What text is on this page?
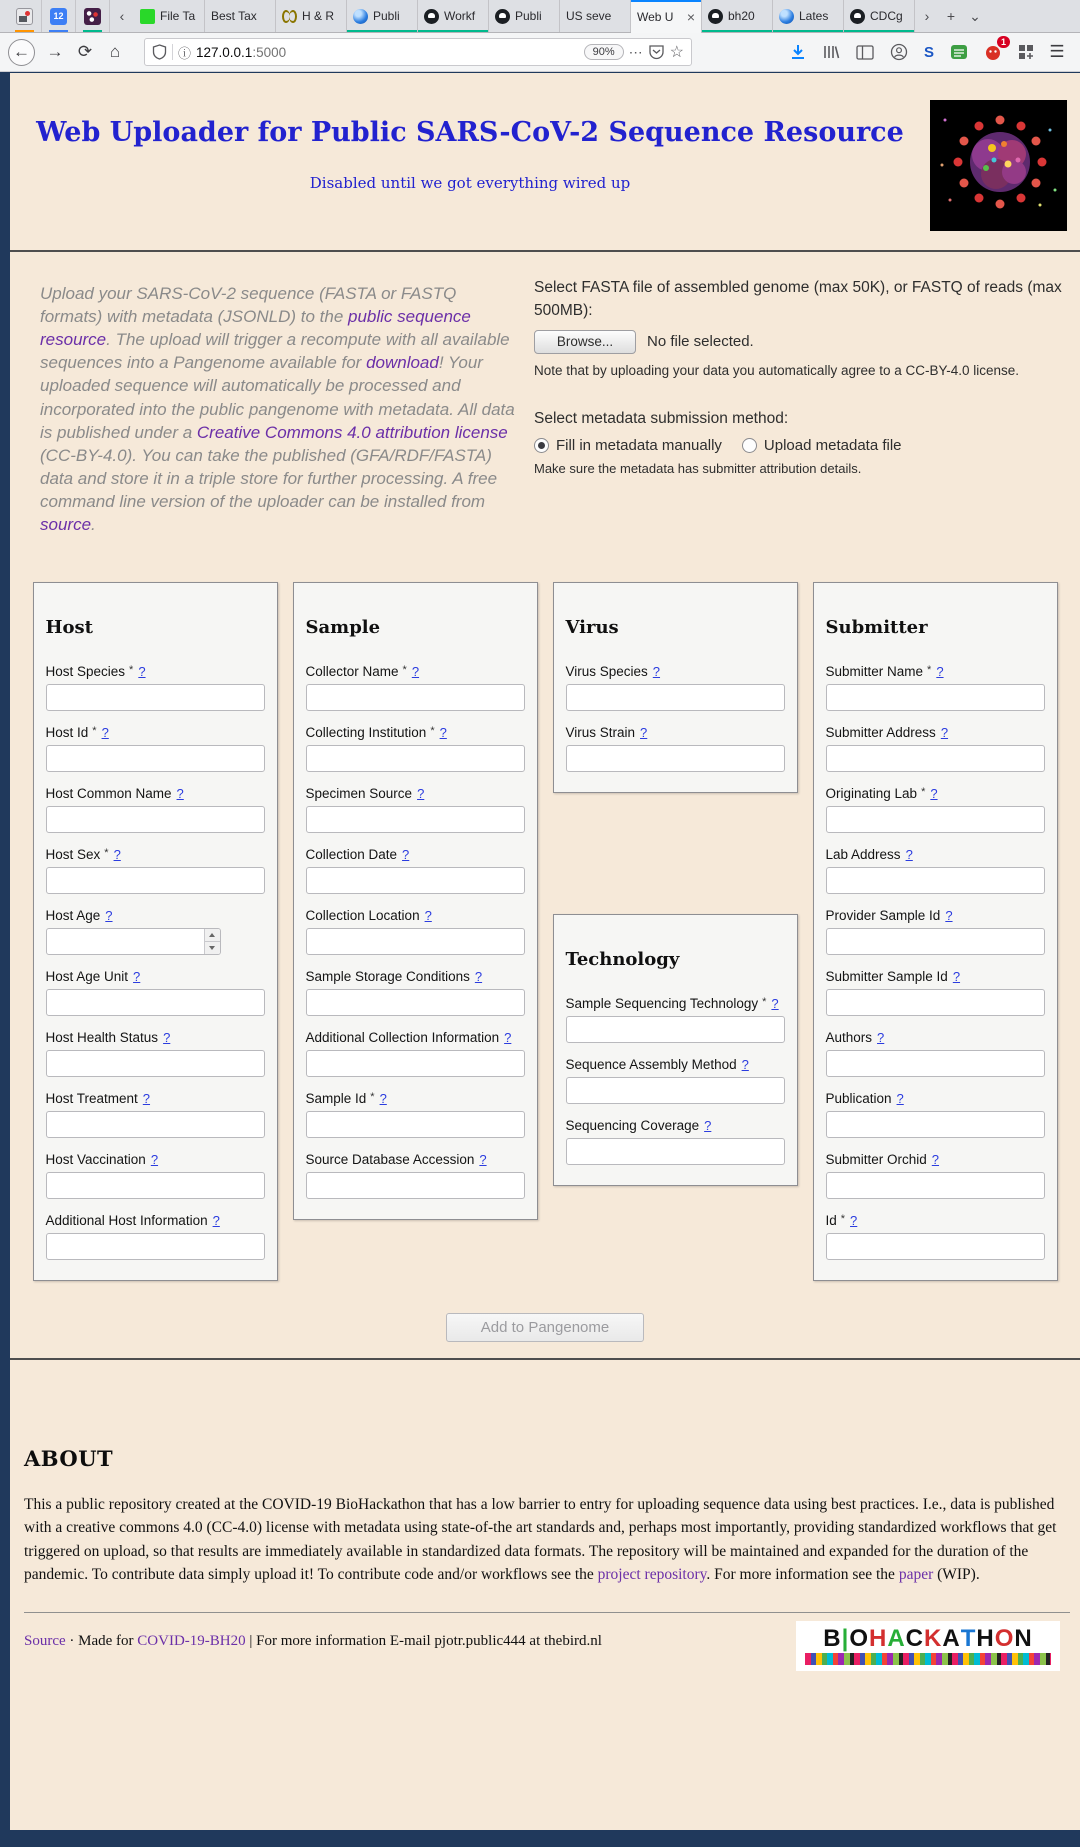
12	‹	File Ta Best Tax	H & R	Publi	Workf	Publi	US seve	Web U ×	bh20	Lates	CDCg	› + ⌄
← → ⟳	⌂	ⓘ 127.0.0.1:5000	90%	⋯ ☆	S
1	☰
Web Uploader for Public SARS-CoV-2 Sequence Resource
Disabled until we got everything wired up

Upload your SARS-CoV-2 sequence (FASTA or FASTQ formats) with metadata (JSONLD) to the public sequence resource. The upload will trigger a recompute with all available sequences into a Pangenome available for download! Your uploaded sequence will automatically be processed and incorporated into the public pangenome with metadata. All data is published under a Creative Commons 4.0 attribution license (CC-BY-4.0). You can take the published (GFA/RDF/FASTA) data and store it in a triple store for further processing. A free command line version of the uploader can be installed from source.

Select FASTA file of assembled genome (max 50K), or FASTQ of reads (max 500MB):
Browse...	No file selected.
Note that by uploading your data you automatically agree to a CC-BY-4.0 license.
Select metadata submission method:
Fill in metadata manually	Upload metadata file
Make sure the metadata has submitter attribution details.
Host
Host Species * ?
Host Id * ?
Host Common Name ?
Host Sex * ?
Host Age ?
Host Age Unit ?
Host Health Status ?
Host Treatment ?
Host Vaccination ?
Additional Host Information ?
Sample
Collector Name * ?
Collecting Institution * ?
Specimen Source ?
Collection Date ?
Collection Location ?
Sample Storage Conditions ?
Additional Collection Information ?
Sample Id * ?
Source Database Accession ?
Virus
Virus Species ?
Virus Strain ?
Technology
Sample Sequencing Technology * ?
Sequence Assembly Method ?
Sequencing Coverage ?
Submitter
Submitter Name * ?
Submitter Address ?
Originating Lab * ?
Lab Address ?
Provider Sample Id ?
Submitter Sample Id ?
Authors ?
Publication ?
Submitter Orchid ?
Id * ?
Add to Pangenome
ABOUT

This a public repository created at the COVID-19 BioHackathon that has a low barrier to entry for uploading sequence data using best practices. I.e., data is published with a creative commons 4.0 (CC-4.0) license with metadata using state-of-the art standards and, perhaps most importantly, providing standardized workflows that get triggered on upload, so that results are immediately available in standardized data formats. The repository will be maintained and expanded for the duration of the pandemic. To contribute data simply upload it! To contribute code and/or workflows see the project repository. For more information see the paper (WIP).

Source · Made for COVID-19-BH20 | For more information E-mail pjotr.public444 at thebird.nl	B | O H A C K A T H O N
